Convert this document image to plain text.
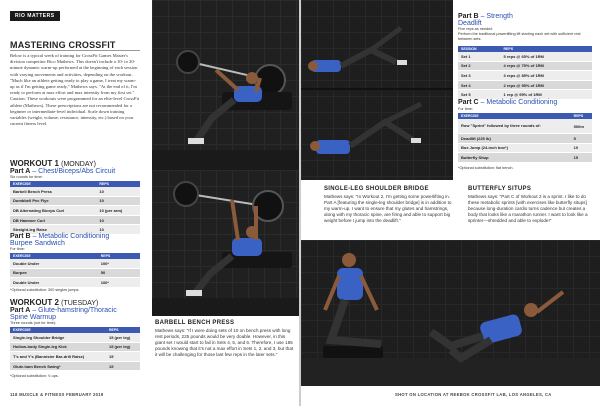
RIO MATTERS
MASTERING CROSSFIT
Below is a typical week of training for CrossFit Games Master's division competitor Rico Mathews. This doesn't include a 10- to 20-minute dynamic warm-up performed at the beginning of each session with varying movements and activities, depending on the workout. "Much like an athlete getting ready to play a game, I treat my warm-up as if I'm getting game ready," Mathews says. "At the end of it, I'm ready to perform at max effort and max intensity from my first set." Caution: These workouts were programmed for an elite-level CrossFit athlete (Mathews). These prescriptions are not recommended for a beginner or intermediate-level individual. Scale down training variables (weight, volume, resistance, intensity, etc.) based on your current fitness level.
WORKOUT 1 (MONDAY)
Part A – Chest/Biceps/Abs Circuit
Six rounds for time:
EXERCISE	REPS
Barbell Bench Press	10
Dumbbell Pec Flye	10
DB Alternating Biceps Curl	10 (per arm)
DB Hammer Curl	10
Straight-leg Raise	10
Part B – Metabolic Conditioning
Burpee Sandwich
For time:
EXERCISE	REPS
Double Under	100*
Burpee	50
Double Under	100*
*Optional substitution: 300 singles jumps.
WORKOUT 2 (TUESDAY)
Part A – Glute-hamstring/Thoracic
Spine Warmup
Three rounds (not for time):
EXERCISE	REPS
Single-leg Shoulder Bridge	15 (per leg)
Hollow-body Single-leg Kick	15 (per leg)
T's and Y's (Bannister Bar-drill Raise)	15
Glute-ham Bench Swing*	15
*Optional substitution: V-ups.
BARBELL BENCH PRESS
Mathews says: "If I were doing sets of 10 on bench press with long rest periods, 225 pounds would be very doable. However, in this giant set I would start to fail in Sets 4, 5, and 6. Therefore, I use 185 pounds knowing that it's not a max effort in Sets 1, 2, and 3, but that it will be challenging for those last few reps in the later sets."
118 MUSCLE & FITNESS FEBRUARY 2019
Part B – Strength
Deadlift
Five reps as needed
Perform the traditional powerlifting lift starting each set with sufficient rest between sets.
SESSION	REPS
Set 1	5 reps @ 65% of 1RM
Set 2	4 reps @ 75% of 1RM
Set 3	3 reps @ 85% of 1RM
Set 4	2 reps @ 95% of 1RM
Set 5	1 rep @ 95% of 1RM
Part C – Metabolic Conditioning
For time:
EXERCISE	REPS
Row "Sprint" followed by three rounds of:	500m
Deadlift (225 lb)	5
Box Jump (24-inch box*)	10
Butterfly Situp	15
*Optional substitution: flat bench.
SINGLE-LEG SHOULDER BRIDGE
Mathews says: "In Workout 2, I'm getting some powerlifting in. Part A [featuring the single-leg shoulder bridge] is in addition to my warm-up. I want to ensure that my glutes and hamstrings, along with my thoracic spine, are firing and able to support big weight before I jump into the deadlift."
BUTTERFLY SITUPS
Mathews says: "Part C of Workout 2 is a sprint. I like to do these metabolic sprints [with exercises like butterfly situps] because long-duration cardio turns cadence but creates a body that looks like a marathon runner. I want to look like a sprinter—shredded and able to explode!"
SHOT ON LOCATION AT REEBOK CROSSFIT LAB, LOS ANGELES, CA
